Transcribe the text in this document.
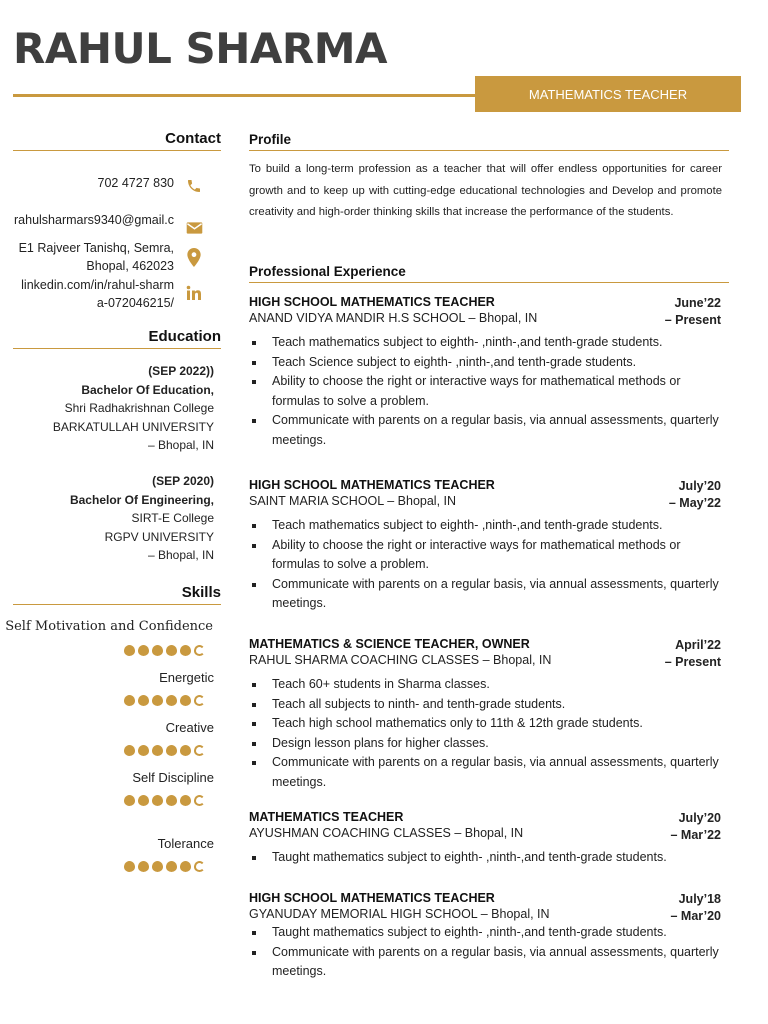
RAHUL SHARMA
MATHEMATICS TEACHER
Contact
702 4727 830
rahulsharmars9340@gmail.c
E1 Rajveer Tanishq, Semra,
Bhopal, 462023
linkedin.com/in/rahul-sharm
a-072046215/
Education
(SEP 2022))
Bachelor Of Education,
Shri Radhakrishnan College
BARKATULLAH UNIVERSITY
– Bhopal, IN
(SEP 2020)
Bachelor Of Engineering,
SIRT-E College
RGPV UNIVERSITY
– Bhopal, IN
Skills
Self Motivation and Confidence
Energetic
Creative
Self Discipline
Tolerance
Profile
To build a long-term profession as a teacher that will offer endless opportunities for career growth and to keep up with cutting-edge educational technologies and Develop and promote creativity and high-order thinking skills that increase the performance of the students.
Professional Experience
HIGH SCHOOL MATHEMATICS TEACHER
ANAND VIDYA MANDIR H.S SCHOOL – Bhopal, IN
June’22
– Present
Teach mathematics subject to eighth- ,ninth-,and tenth-grade students.
Teach Science subject to eighth- ,ninth-,and tenth-grade students.
Ability to choose the right or interactive ways for mathematical methods or formulas to solve a problem.
Communicate with parents on a regular basis, via annual assessments, quarterly meetings.
HIGH SCHOOL MATHEMATICS TEACHER
SAINT MARIA SCHOOL – Bhopal, IN
July’20
– May’22
Teach mathematics subject to eighth- ,ninth-,and tenth-grade students.
Ability to choose the right or interactive ways for mathematical methods or formulas to solve a problem.
Communicate with parents on a regular basis, via annual assessments, quarterly meetings.
MATHEMATICS & SCIENCE TEACHER, OWNER
RAHUL SHARMA COACHING CLASSES – Bhopal, IN
April’22
– Present
Teach 60+ students in Sharma classes.
Teach all subjects to ninth- and tenth-grade students.
Teach high school mathematics only to 11th & 12th grade students.
Design lesson plans for higher classes.
Communicate with parents on a regular basis, via annual assessments, quarterly meetings.
MATHEMATICS TEACHER
AYUSHMAN COACHING CLASSES – Bhopal, IN
July’20
– Mar’22
Taught mathematics subject to eighth- ,ninth-,and tenth-grade students.
HIGH SCHOOL MATHEMATICS TEACHER
GYANUDAY MEMORIAL HIGH SCHOOL – Bhopal, IN
July’18
– Mar’20
Taught mathematics subject to eighth- ,ninth-,and tenth-grade students.
Communicate with parents on a regular basis, via annual assessments, quarterly meetings.
